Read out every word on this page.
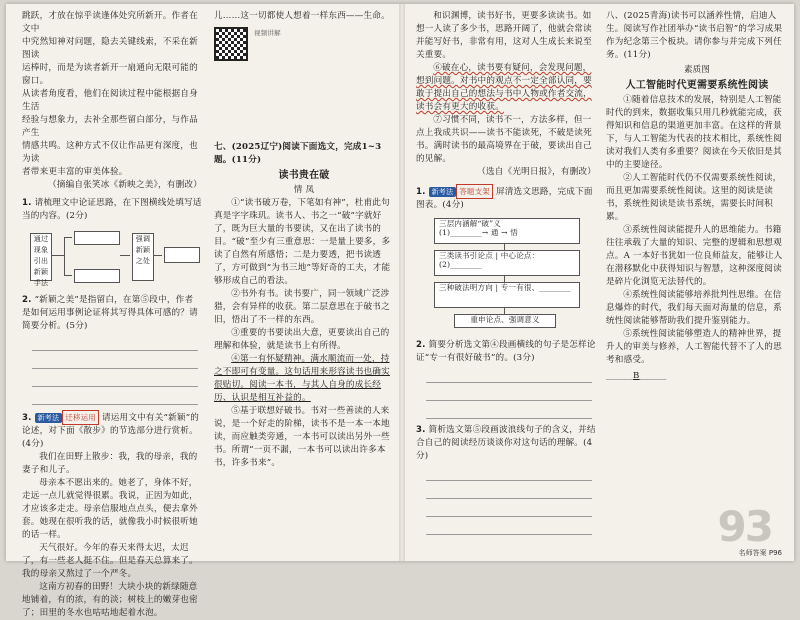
跳跃，才放在惊乎读逢体处究所新开。作者在文中

中究然知神对问题，隐去关键线索，不采在新图读

运棒时，而是为读者新开一扇通向无限可能的窗口。

从读者角度看，他们在阅读过程中能根据自身生活

经验与想象力，去补全那些留白部分，与作品产生

情感共鸣。这种方式不仅让作品更有深度，也为读

者带来更丰富的审美体验。

（摘编自张笑冰《新映之美》，有删改）

1. 请梳理文中论证思路，在下图横线处填写适当的内容。(2分)

通过现象引出新颖手法
强调新颖之处

2. “新颖之美”是指留白，在第⑤段中，作者是如何运用事例论证将其写得具体可感的？请简要分析。(5分)

3. 新考法 迁移运用 请运用文中有关“新颖”的论述，对下面《散步》的节选部分进行赏析。(4分)

我们在田野上散步：我，我的母亲，我的妻子和儿子。

母亲本不愿出来的。她老了，身体不好，走远一点儿就觉得很累。我说，正因为如此，才应该多走走。母亲信服地点点头，便去拿外套。她现在很听我的话，就像我小时候很听她的话一样。

天气很好。今年的春天来得太迟，太迟了，有一些老人挺不住。但是春天总算来了。我的母亲又熬过了一个严冬。

这南方初春的田野！大块小块的新绿随意地铺着，有的浓，有的淡；树枝上的嫩芽也密了；田里的冬水也咕咕地起着水泡。

儿……这一切都使人想着一样东西——生命。

视频讲解

七、(2025辽宁)阅读下面选文，完成1~3题。(11分)

读书贵在破

情 凤

①“读书破万卷，下笔如有神”，杜甫此句真是字字珠玑。读书人、书之一“破”字就好了，既为巨大量的书要读，又在出了读书的目。“破”至少有三重意思：一是量上要多，多读了自然有所感悟；二是力要透，把书读透了，方可做到“为书三地”等好奇的工夫，才能够形成自己的看法。

②书外有书。读书要广，同一领域广泛涉猎，会有异样的收获。第二层意思在于破书之旧，悟出了不一样的东西。

③重要的书要读出大意，更要读出自己的理解和体验，就是读书上有所得。

④第一有怀疑精神。满水顺流而一处，持之不即可有变量。这句话用来形容读书也确实很贴切。阅读一本书，与其人自身的成长经历、认识是相互补益的。

⑤基于联想好破书。书对一些善读的人来说，是一个好走的阶梯，读书不是一本一本地读，而应触类旁通，一本书可以读出另外一些书。所谓“一页不漏，一本书可以读出许多本书，许多书来”。

和识渊博，读书好书，更要多读读书。如想一人读了多少书，思路开阔了，他就会常读并能写好书，非常有用，这对人生成长来说至关重要。

⑥破在心，读书要有疑问，会发现问题，想到问题。对书中的观点不一定全部认同，要敢于提出自己的想法与书中人物或作者交流，读书会有更大的收获。

⑦习惯不同，读书不一，方法多样，但一点上我成共识——读书不能读死，不破是读死书。满时读书的最高境界在于破，要读出自己的见解。

（选自《光明日报》，有删改）

1. 新考法 答题支架 屏清选文思路，完成下面图表。(4分)

三层内涵解“破”义
(1)________→ 通 → 悟
三类读书引论点 | 中心论点：
(2)________
三种破法明方向 | 专一有很、________
重申论点、强调意义

2. 简要分析选文第④段画横线的句子是怎样论证“专一有很好破书”的。(3分)

3. 简析选文第⑤段画波浪线句子的含义，并结合自己的阅读经历谈谈你对这句话的理解。(4分)

八、(2025青海)读书可以涵养性情，启迪人生。阅读写作社团举办“读书启智”的学习成果作为纪念第三个板块。请你参与并完成下列任务。(11分)

素质图

人工智能时代更需要系统性阅读

①随着信息技术的发展，特别是人工智能时代的到来，数据收集只用几秒就能完成，获得知识和信息的渠道更加丰富。在这样的背景下，与人工智能为代表的技术相比，系统性阅读对我们人类有多重要？阅读在今天依旧是其中的主要途径。

②人工智能时代仍不仅需要系统性阅读，而且更加需要系统性阅读。这里的阅读是读书，系统性阅读是读书系统，需要长时间积累。

③系统性阅读能提升人的思维能力。书籍往往承载了大量的知识、完整的逻辑和思想观点。A 一本好书犹如一位良师益友，能够让人在潜移默化中获得知识与智慧，这种深度阅读是碎片化浏览无法替代的。

④系统性阅读能够培养批判性思维。在信息爆炸的时代，我们每天面对海量的信息，系统性阅读能够帮助我们提升鉴别能力。

⑤系统性阅读能够塑造人的精神世界，提升人的审美与修养，人工智能代替不了人的思考和感受。

______B______

93
名师答案 P96
